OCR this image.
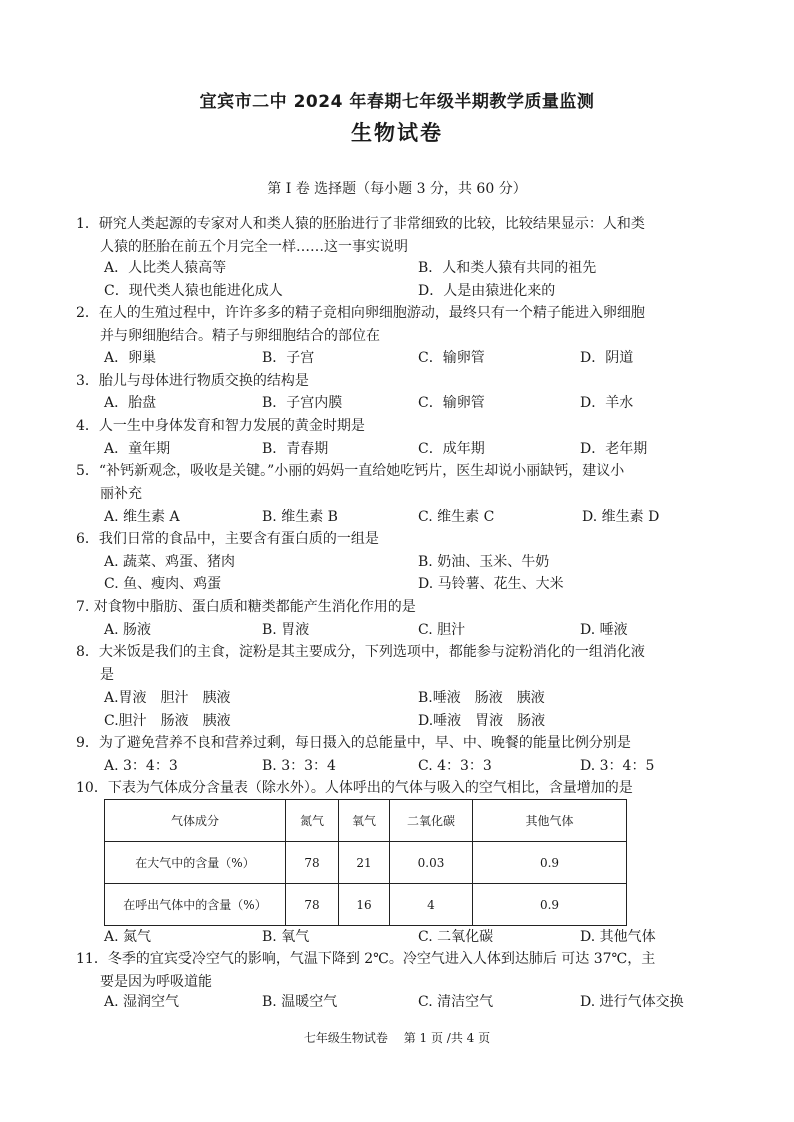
宜宾市二中 2024 年春期七年级半期教学质量监测
生物试卷
第 I 卷 选择题（每小题 3 分，共 60 分）
1．研究人类起源的专家对人和类人猿的胚胎进行了非常细致的比较，比较结果显示：人和类
人猿的胚胎在前五个月完全一样……这一事实说明
A．人比类人猿高等	B．人和类人猿有共同的祖先
C．现代类人猿也能进化成人	D．人是由猿进化来的
2．在人的生殖过程中，许许多多的精子竞相向卵细胞游动，最终只有一个精子能进入卵细胞
并与卵细胞结合。精子与卵细胞结合的部位在
A．卵巢	B．子宫	C．输卵管	D．阴道
3．胎儿与母体进行物质交换的结构是
A．胎盘	B．子宫内膜	C．输卵管	D．羊水
4．人一生中身体发育和智力发展的黄金时期是
A．童年期	B．青春期	C．成年期	D．老年期
5．“补钙新观念，吸收是关键。”小丽的妈妈一直给她吃钙片，医生却说小丽缺钙，建议小
丽补充
A. 维生素 A	B. 维生素 B	C. 维生素 C	D. 维生素 D
6．我们日常的食品中，主要含有蛋白质的一组是
A. 蔬菜、鸡蛋、猪肉	B. 奶油、玉米、牛奶
C. 鱼、瘦肉、鸡蛋	D. 马铃薯、花生、大米
7. 对食物中脂肪、蛋白质和糖类都能产生消化作用的是
A. 肠液	B. 胃液	C. 胆汁	D. 唾液
8．大米饭是我们的主食，淀粉是其主要成分，下列选项中，都能参与淀粉消化的一组消化液
是
A.胃液　胆汁　胰液	B.唾液　肠液　胰液
C.胆汁　肠液　胰液	D.唾液　胃液　肠液
9．为了避免营养不良和营养过剩，每日摄入的总能量中，早、中、晚餐的能量比例分别是
A. 3：4：3	B. 3：3：4	C. 4：3：3	D. 3：4：5
10．下表为气体成分含量表（除水外）。人体呼出的气体与吸入的空气相比，含量增加的是
气体成分	氮气	氧气	二氧化碳	其他气体
在大气中的含量（%）	78	21	0.03	0.9
在呼出气体中的含量（%）	78	16	4	0.9
A. 氮气	B. 氧气	C. 二氧化碳	D. 其他气体
11．冬季的宜宾受冷空气的影响，气温下降到 2℃。冷空气进入人体到达肺后 可达 37℃，主
要是因为呼吸道能
A. 湿润空气	B. 温暖空气	C. 清洁空气	D. 进行气体交换
七年级生物试卷　 第 1 页 /共 4 页
